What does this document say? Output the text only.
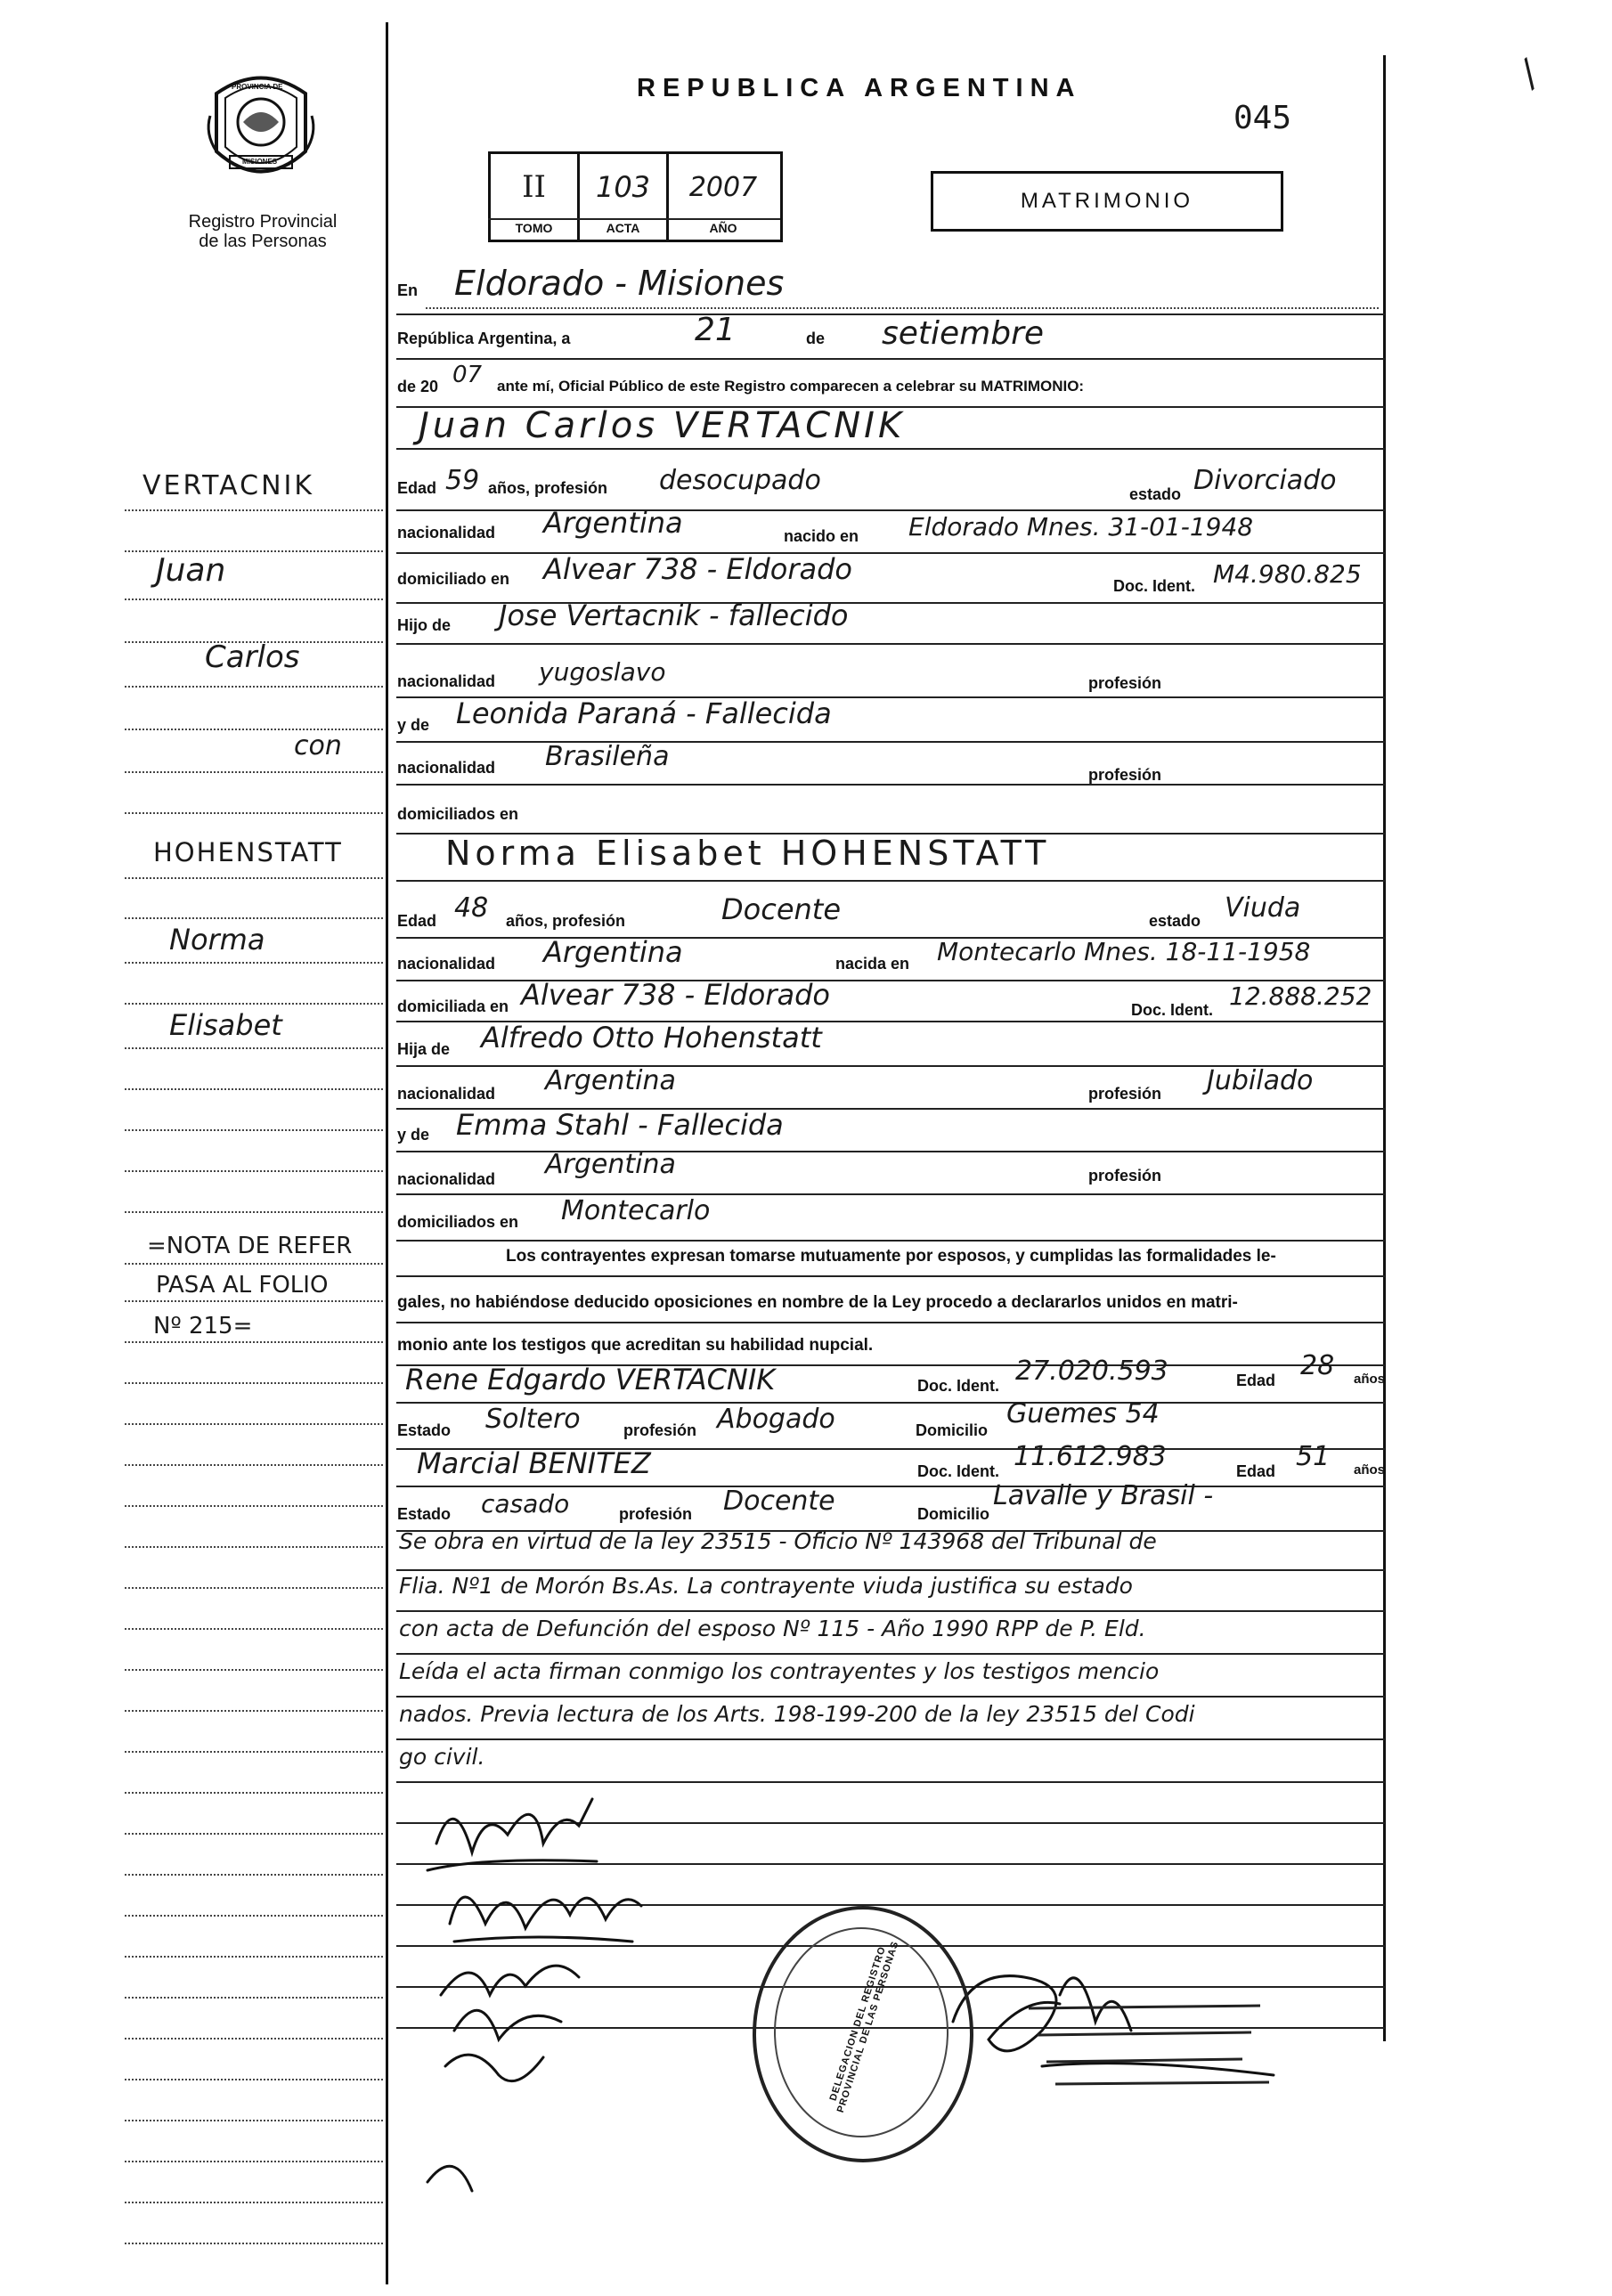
PROVINCIA DE
MISIONES
Registro Provincial
de las Personas
REPUBLICA ARGENTINA
045
/
II	103	2007
TOMO	ACTA	AÑO
MATRIMONIO
En Eldorado - Misiones
República Argentina, a	21	de setiembre
de 20 07 ante mí, Oficial Público de este Registro comparecen a celebrar su MATRIMONIO:
Juan Carlos VERTACNIK
Edad 59 años, profesión desocupado	estado Divorciado
nacionalidad Argentina	nacido en Eldorado Mnes. 31-01-1948
domiciliado en Alvear 738 - Eldorado	Doc. Ident. M4.980.825
Hijo de Jose Vertacnik - fallecido
nacionalidad yugoslavo	profesión
y de Leonida Paraná - Fallecida
nacionalidad Brasileña
profesión
domiciliados en
Norma Elisabet HOHENSTATT
Edad 48 años, profesión	Docente	estado Viuda
nacionalidad Argentina	nacida en Montecarlo Mnes. 18-11-1958
domiciliada en Alvear 738 - Eldorado	Doc. Ident. 12.888.252
Hija de Alfredo Otto Hohenstatt
nacionalidad Argentina	profesión Jubilado
y de Emma Stahl - Fallecida
nacionalidad Argentina	profesión
domiciliados en Montecarlo
Los contrayentes expresan tomarse mutuamente por esposos, y cumplidas las formalidades le-
gales, no habiéndose deducido oposiciones en nombre de la Ley procedo a declararlos unidos en matri-
monio ante los testigos que acreditan su habilidad nupcial.
Rene Edgardo VERTACNIK	Doc. Ident. 27.020.593	Edad 28 años
Estado Soltero	profesión Abogado	Domicilio
Guemes 54
Marcial BENITEZ	Doc. Ident. 11.612.983	Edad 51 años
Estado casado	profesión Docente	Domicilio
Lavalle y Brasil -
Se obra en virtud de la ley 23515 - Oficio Nº 143968 del Tribunal de
Flia. Nº1 de Morón Bs.As. La contrayente viuda justifica su estado
con acta de Defunción del esposo Nº 115 - Año 1990 RPP de P. Eld.
Leída el acta firman conmigo los contrayentes y los testigos mencio
nados. Previa lectura de los Arts. 198-199-200 de la ley 23515 del Codi
go civil.
VERTACNIK
Juan
Carlos
con
HOHENSTATT
Norma
Elisabet
=NOTA DE REFER
PASA AL FOLIO
Nº 215=
DELEGACION DEL REGISTRO PROVINCIAL DE LAS PERSONAS
